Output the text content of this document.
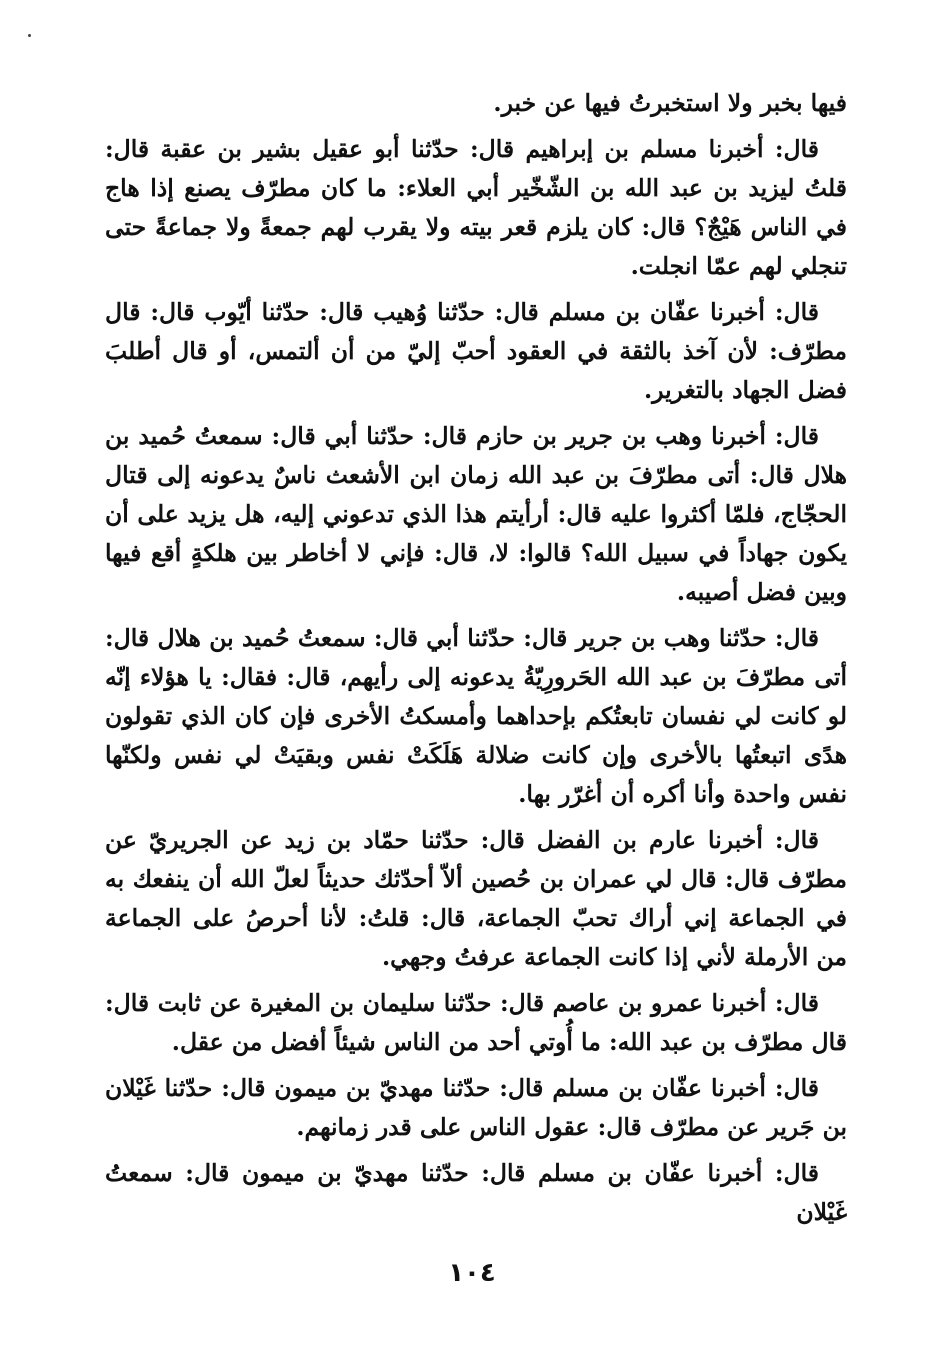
فيها بخبر ولا استخبرتُ فيها عن خبر.

قال: أخبرنا مسلم بن إبراهيم قال: حدّثنا أبو عقيل بشير بن عقبة قال: قلتُ ليزيد بن عبد الله بن الشّخّير أبي العلاء: ما كان مطرّف يصنع إذا هاج في الناس هَيْجٌ؟ قال: كان يلزم قعر بيته ولا يقرب لهم جمعةً ولا جماعةً حتى تنجلي لهم عمّا انجلت.

قال: أخبرنا عفّان بن مسلم قال: حدّثنا وُهيب قال: حدّثنا أيّوب قال: قال مطرّف: لأن آخذ بالثقة في العقود أحبّ إليّ من أن ألتمس، أو قال أطلبَ فضل الجهاد بالتغرير.

قال: أخبرنا وهب بن جرير بن حازم قال: حدّثنا أبي قال: سمعتُ حُميد بن هلال قال: أتى مطرّفَ بن عبد الله زمان ابن الأشعث ناسٌ يدعونه إلى قتال الحجّاج، فلمّا أكثروا عليه قال: أرأيتم هذا الذي تدعوني إليه، هل يزيد على أن يكون جهاداً في سبيل الله؟ قالوا: لا، قال: فإني لا أخاطر بين هلكةٍ أقع فيها وبين فضل أصيبه.

قال: حدّثنا وهب بن جرير قال: حدّثنا أبي قال: سمعتُ حُميد بن هلال قال: أتى مطرّفَ بن عبد الله الحَرورِيّةُ يدعونه إلى رأيهم، قال: فقال: يا هؤلاء إنّه لو كانت لي نفسان تابعتُكم بإحداهما وأمسكتُ الأخرى فإن كان الذي تقولون هدًى اتبعتُها بالأخرى وإن كانت ضلالة هَلَكَتْ نفس وبقيَتْ لي نفس ولكنّها نفس واحدة وأنا أكره أن أغرّر بها.

قال: أخبرنا عارم بن الفضل قال: حدّثنا حمّاد بن زيد عن الجريريّ عن مطرّف قال: قال لي عمران بن حُصين ألاّ أحدّثك حديثاً لعلّ الله أن ينفعك به في الجماعة إني أراك تحبّ الجماعة، قال: قلتُ: لأنا أحرصُ على الجماعة من الأرملة لأني إذا كانت الجماعة عرفتُ وجهي.

قال: أخبرنا عمرو بن عاصم قال: حدّثنا سليمان بن المغيرة عن ثابت قال: قال مطرّف بن عبد الله: ما أُوتي أحد من الناس شيئاً أفضل من عقل.

قال: أخبرنا عفّان بن مسلم قال: حدّثنا مهديّ بن ميمون قال: حدّثنا غَيْلان بن جَرير عن مطرّف قال: عقول الناس على قدر زمانهم.

قال: أخبرنا عفّان بن مسلم قال: حدّثنا مهديّ بن ميمون قال: سمعتُ غَيْلان

١٠٤
